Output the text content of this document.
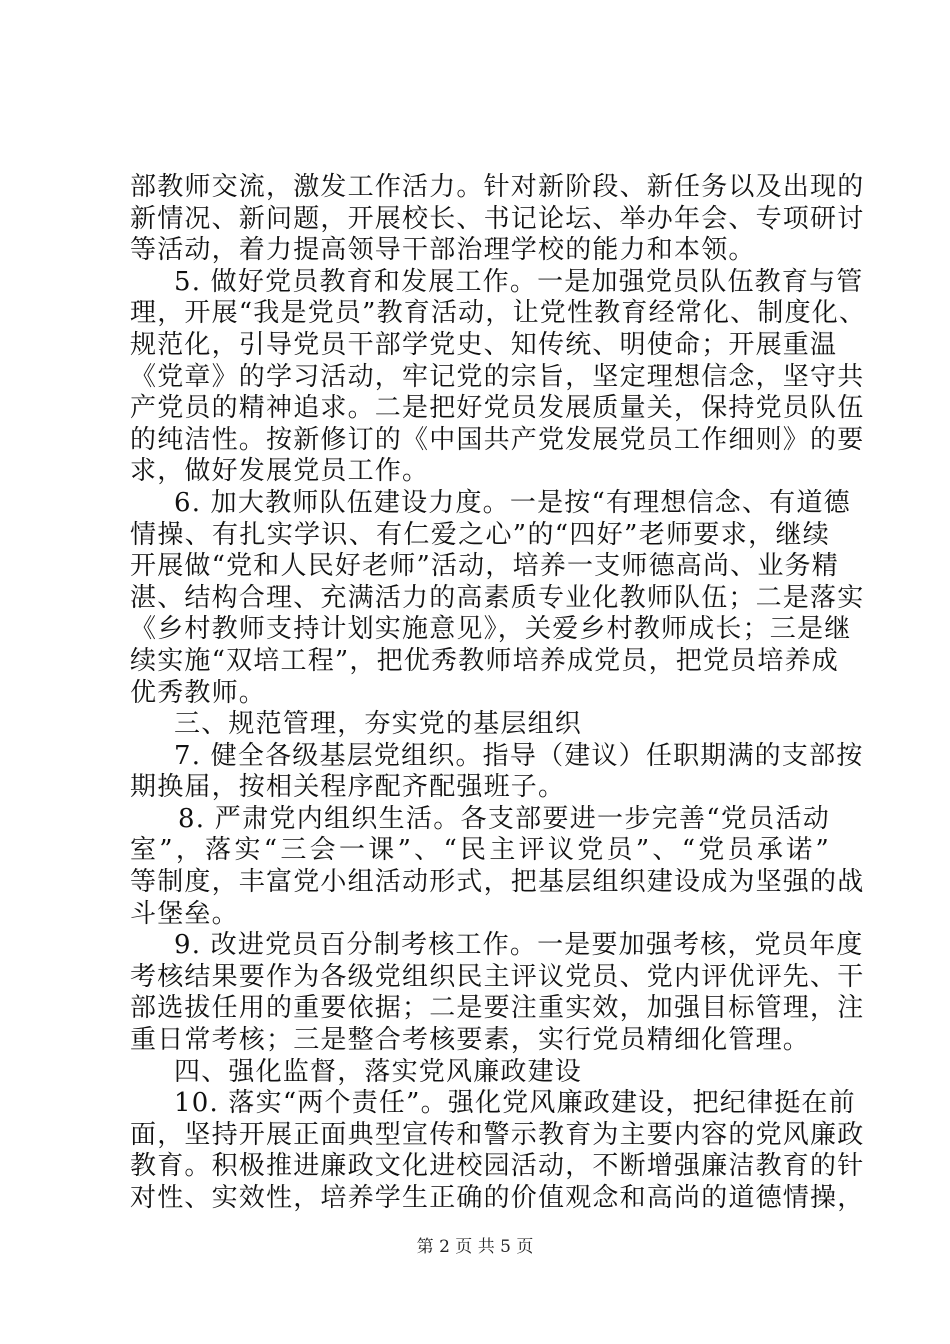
部教师交流，激发工作活力。针对新阶段、新任务以及出现的
新情况、新问题，开展校长、书记论坛、举办年会、专项研讨
等活动，着力提高领导干部治理学校的能力和本领。
5. 做好党员教育和发展工作。一是加强党员队伍教育与管
理，开展“我是党员”教育活动，让党性教育经常化、制度化、
规范化，引导党员干部学党史、知传统、明使命；开展重温
《党章》的学习活动，牢记党的宗旨，坚定理想信念，坚守共
产党员的精神追求。二是把好党员发展质量关，保持党员队伍
的纯洁性。按新修订的《中国共产党发展党员工作细则》的要
求，做好发展党员工作。
6. 加大教师队伍建设力度。一是按“有理想信念、有道德
情操、有扎实学识、有仁爱之心”的“四好”老师要求，继续
开展做“党和人民好老师”活动，培养一支师德高尚、业务精
湛、结构合理、充满活力的高素质专业化教师队伍；二是落实
《乡村教师支持计划实施意见》，关爱乡村教师成长；三是继
续实施“双培工程”，把优秀教师培养成党员，把党员培养成
优秀教师。
三、规范管理，夯实党的基层组织
7. 健全各级基层党组织。指导（建议）任职期满的支部按
期换届，按相关程序配齐配强班子。
8. 严肃党内组织生活。各支部要进一步完善“党员活动
室”，落实“三会一课”、“民主评议党员”、“党员承诺”
等制度，丰富党小组活动形式，把基层组织建设成为坚强的战
斗堡垒。
9. 改进党员百分制考核工作。一是要加强考核，党员年度
考核结果要作为各级党组织民主评议党员、党内评优评先、干
部选拔任用的重要依据；二是要注重实效，加强目标管理，注
重日常考核；三是整合考核要素，实行党员精细化管理。
四、强化监督，落实党风廉政建设
10. 落实“两个责任”。强化党风廉政建设，把纪律挺在前
面，坚持开展正面典型宣传和警示教育为主要内容的党风廉政
教育。积极推进廉政文化进校园活动，不断增强廉洁教育的针
对性、实效性，培养学生正确的价值观念和高尚的道德情操，
第 2 页 共 5 页
